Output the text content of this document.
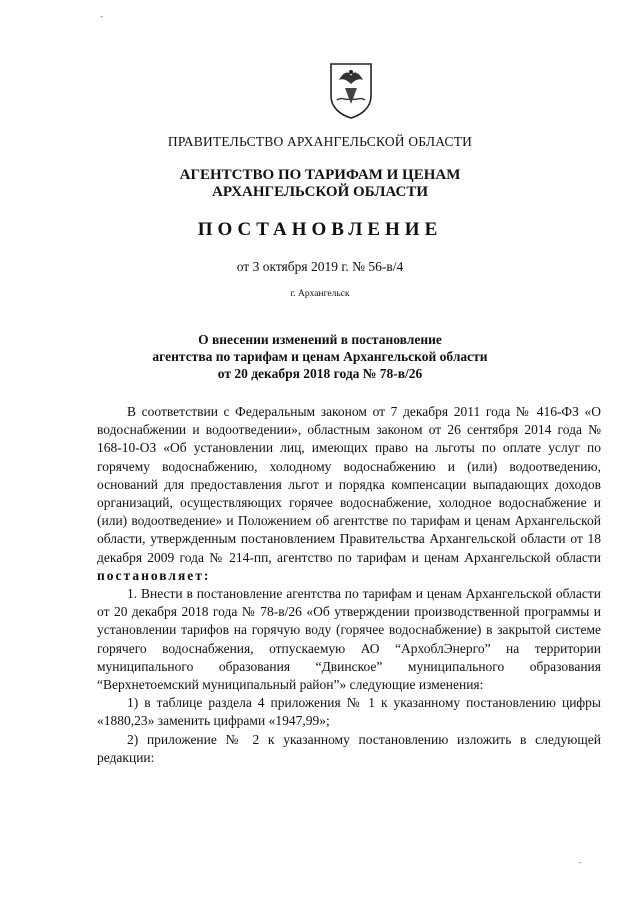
ПРАВИТЕЛЬСТВО АРХАНГЕЛЬСКОЙ ОБЛАСТИ
АГЕНТСТВО ПО ТАРИФАМ И ЦЕНАМ
АРХАНГЕЛЬСКОЙ ОБЛАСТИ
ПОСТАНОВЛЕНИЕ
от 3 октября 2019 г. № 56-в/4
г. Архангельск
О внесении изменений в постановление
агентства по тарифам и ценам Архангельской области
от 20 декабря 2018 года № 78-в/26

В соответствии с Федеральным законом от 7 декабря 2011 года № 416-ФЗ «О водоснабжении и водоотведении», областным законом от 26 сентября 2014 года № 168-10-ОЗ «Об установлении лиц, имеющих право на льготы по оплате услуг по горячему водоснабжению, холодному водоснабжению и (или) водоотведению, оснований для предоставления льгот и порядка компенсации выпадающих доходов организаций, осуществляющих горячее водоснабжение, холодное водоснабжение и (или) водоотведение» и Положением об агентстве по тарифам и ценам Архангельской области, утвержденным постановлением Правительства Архангельской области от 18 декабря 2009 года № 214-пп, агентство по тарифам и ценам Архангельской области постановляет:

1. Внести в постановление агентства по тарифам и ценам Архангельской области от 20 декабря 2018 года № 78-в/26 «Об утверждении производственной программы и установлении тарифов на горячую воду (горячее водоснабжение) в закрытой системе горячего водоснабжения, отпускаемую АО “АрхоблЭнерго” на территории муниципального образования “Двинское” муниципального образования “Верхнетоемский муниципальный район”» следующие изменения:

1) в таблице раздела 4 приложения № 1 к указанному постановлению цифры «1880,23» заменить цифрами «1947,99»;

2) приложение № 2 к указанному постановлению изложить в следующей редакции:

-
-
